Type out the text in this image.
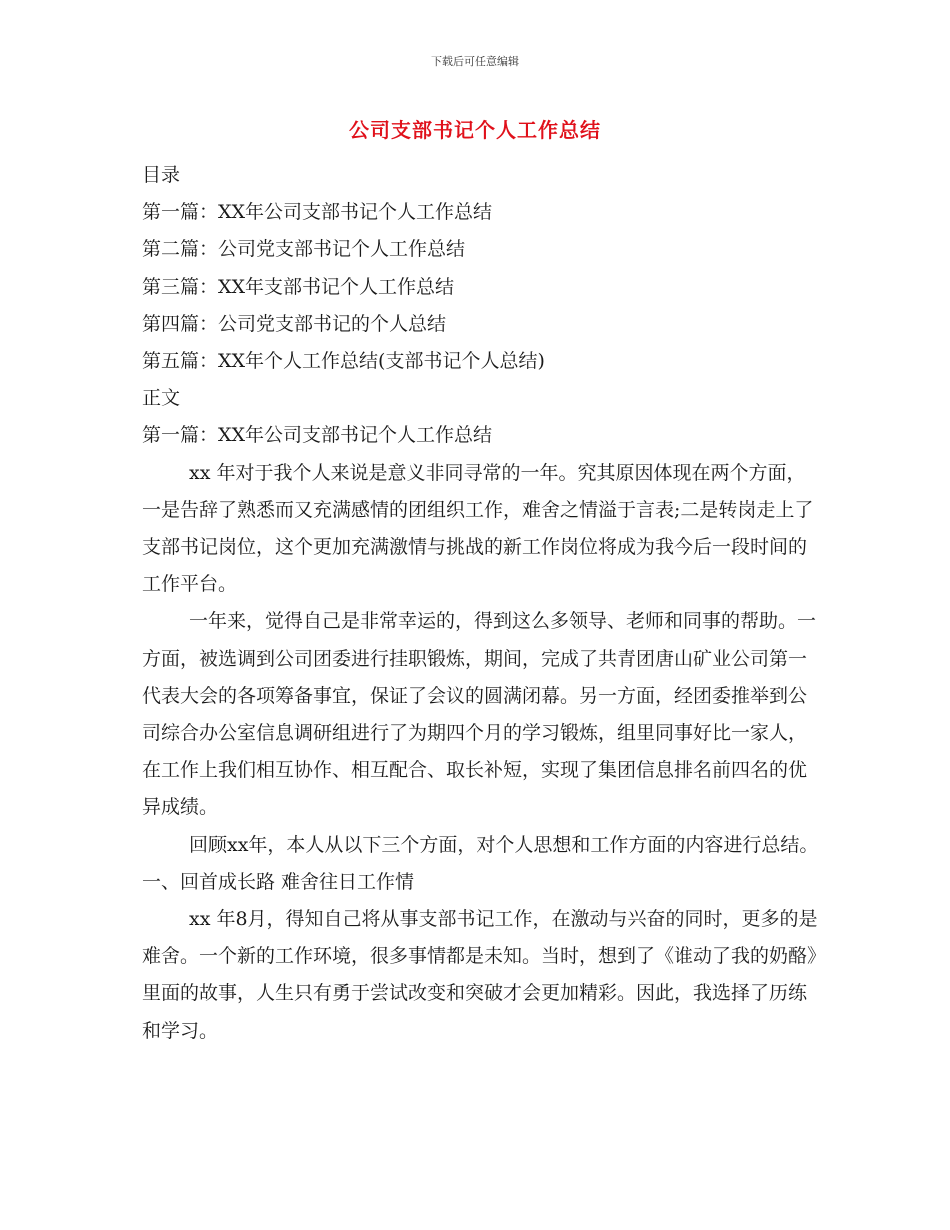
下载后可任意编辑
公司支部书记个人工作总结

目录

第一篇：XX年公司支部书记个人工作总结

第二篇：公司党支部书记个人工作总结

第三篇：XX年支部书记个人工作总结

第四篇：公司党支部书记的个人总结

第五篇：XX年个人工作总结(支部书记个人总结)

正文

第一篇：XX年公司支部书记个人工作总结

xx 年对于我个人来说是意义非同寻常的一年。究其原因体现在两个方面，一是告辞了熟悉而又充满感情的团组织工作，难舍之情溢于言表;二是转岗走上了支部书记岗位，这个更加充满激情与挑战的新工作岗位将成为我今后一段时间的工作平台。

一年来，觉得自己是非常幸运的，得到这么多领导、老师和同事的帮助。一方面，被选调到公司团委进行挂职锻炼，期间，完成了共青团唐山矿业公司第一代表大会的各项筹备事宜，保证了会议的圆满闭幕。另一方面，经团委推举到公司综合办公室信息调研组进行了为期四个月的学习锻炼，组里同事好比一家人，在工作上我们相互协作、相互配合、取长补短，实现了集团信息排名前四名的优异成绩。

回顾xx年，本人从以下三个方面，对个人思想和工作方面的内容进行总结。

一、回首成长路 难舍往日工作情

xx 年8月，得知自己将从事支部书记工作，在激动与兴奋的同时，更多的是难舍。一个新的工作环境，很多事情都是未知。当时，想到了《谁动了我的奶酪》里面的故事，人生只有勇于尝试改变和突破才会更加精彩。因此，我选择了历练和学习。
